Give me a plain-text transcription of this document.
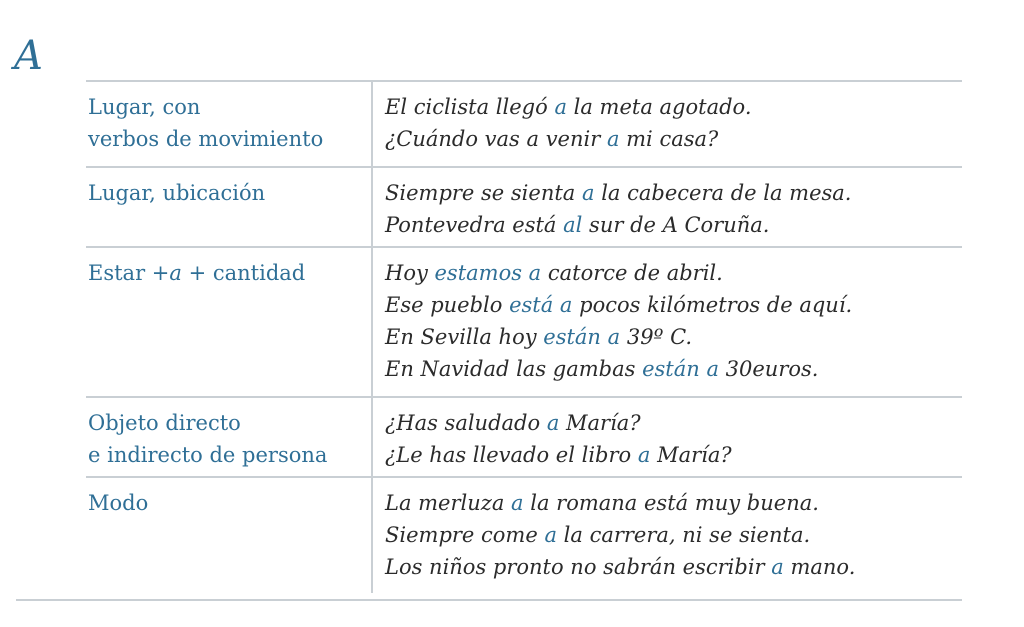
A
Lugar, con
verbos de movimiento	El ciclista llegó a la meta agotado.
¿Cuándo vas a venir a mi casa?

Lugar, ubicación	Siempre se sienta a la cabecera de la mesa.
Pontevedra está al sur de A Coruña.

Estar +a + cantidad	Hoy estamos a catorce de abril.
Ese pueblo está a pocos kilómetros de aquí.
En Sevilla hoy están a 39º C.
En Navidad las gambas están a 30euros.

Objeto directo
e indirecto de persona	¿Has saludado a María?
¿Le has llevado el libro a María?

Modo	La merluza a la romana está muy buena.
Siempre come a la carrera, ni se sienta.
Los niños pronto no sabrán escribir a mano.
